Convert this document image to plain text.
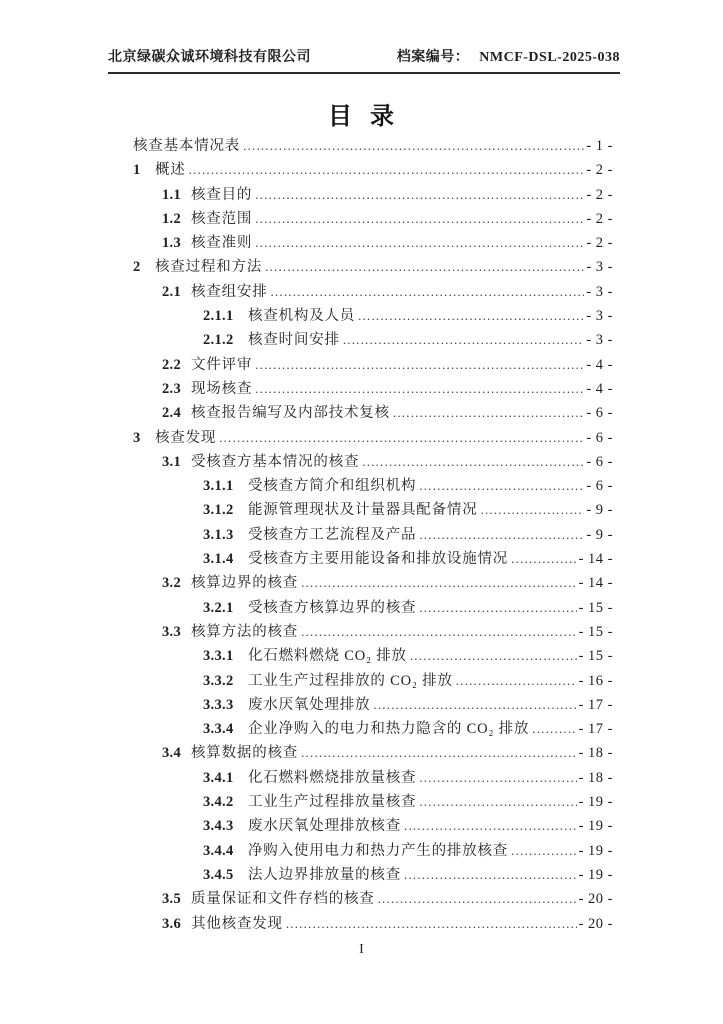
北京绿碳众诚环境科技有限公司	档案编号： NMCF-DSL-2025-038
目 录
核查基本情况表 .....	- 1 -
1 概述 .....	- 2 -
1.1 核查目的 .....	- 2 -
1.2 核查范围 .....	- 2 -
1.3 核查准则 .....	- 2 -
2 核查过程和方法 .....	- 3 -
2.1 核查组安排 .....	- 3 -
2.1.1	核查机构及人员 .....	- 3 -
2.1.2	核查时间安排 .....	- 3 -
2.2 文件评审 .....	- 4 -
2.3 现场核查 .....	- 4 -
2.4 核查报告编写及内部技术复核 .....	- 6 -
3 核查发现 .....	- 6 -
3.1 受核查方基本情况的核查 .....	- 6 -
3.1.1	受核查方简介和组织机构 .....	- 6 -
3.1.2	能源管理现状及计量器具配备情况 .....	- 9 -
3.1.3	受核查方工艺流程及产品 .....	- 9 -
3.1.4	受核查方主要用能设备和排放设施情况 .....	- 14 -
3.2 核算边界的核查 .....	- 14 -
3.2.1	受核查方核算边界的核查 .....	- 15 -
3.3 核算方法的核查 .....	- 15 -
3.3.1	化石燃料燃烧 CO₂ 排放 .....	- 15 -
3.3.2	工业生产过程排放的 CO₂ 排放 .....	- 16 -
3.3.3	废水厌氧处理排放 .....	- 17 -
3.3.4	企业净购入的电力和热力隐含的 CO₂ 排放 .....	- 17 -
3.4 核算数据的核查 .....	- 18 -
3.4.1	化石燃料燃烧排放量核查 .....	- 18 -
3.4.2	工业生产过程排放量核查 .....	- 19 -
3.4.3	废水厌氧处理排放核查 .....	- 19 -
3.4.4	净购入使用电力和热力产生的排放核查 .....	- 19 -
3.4.5	法人边界排放量的核查 .....	- 19 -
3.5 质量保证和文件存档的核查 .....	- 20 -
3.6 其他核查发现 .....	- 20 -
I
